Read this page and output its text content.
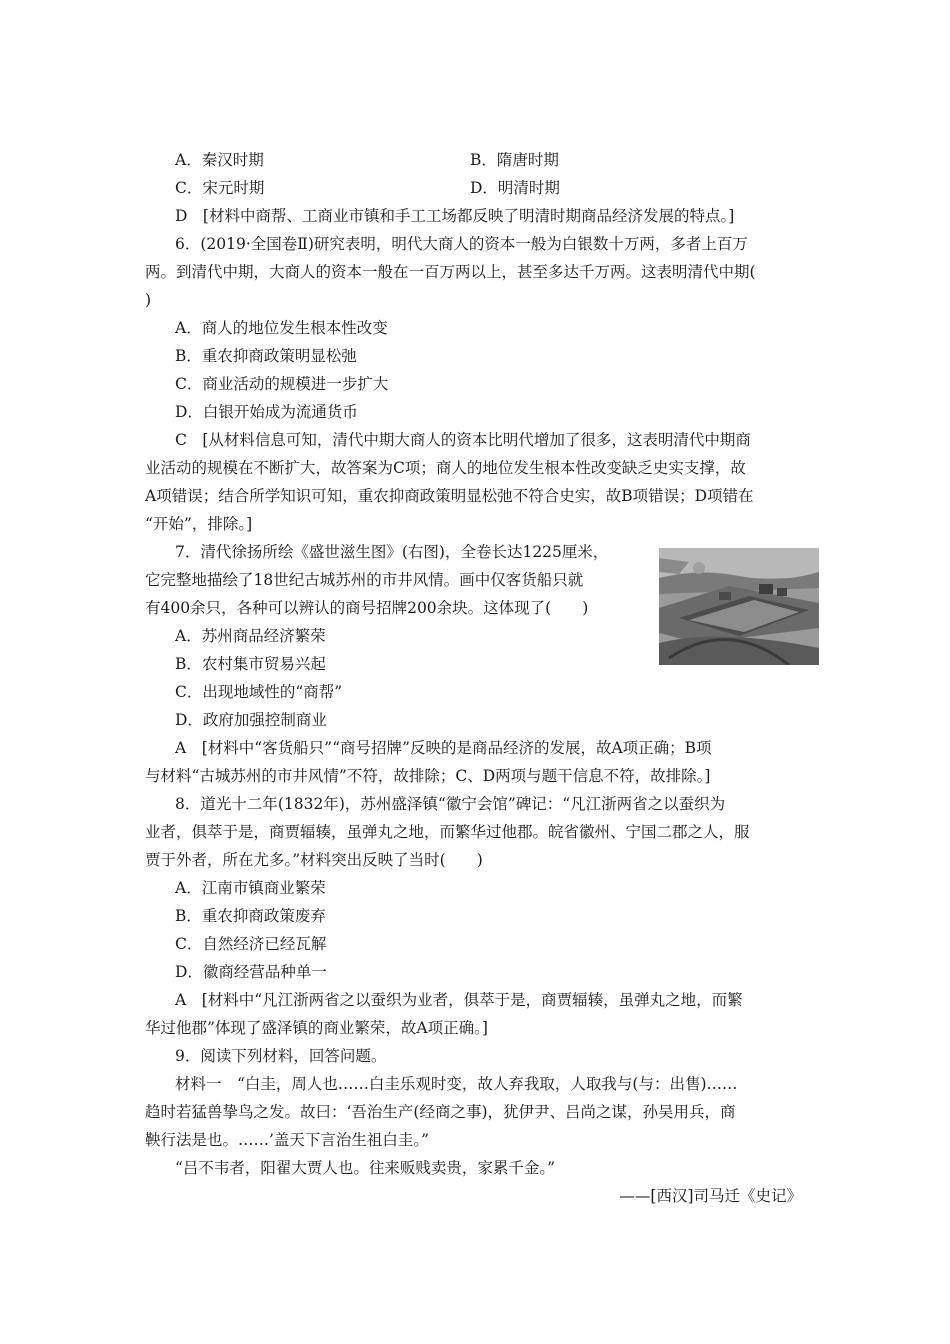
A．秦汉时期	B．隋唐时期
C．宋元时期	D．明清时期
D　[材料中商帮、工商业市镇和手工工场都反映了明清时期商品经济发展的特点。]
6．(2019·全国卷Ⅱ)研究表明，明代大商人的资本一般为白银数十万两，多者上百万
两。到清代中期，大商人的资本一般在一百万两以上，甚至多达千万两。这表明清代中期(
)
A．商人的地位发生根本性改变
B．重农抑商政策明显松弛
C．商业活动的规模进一步扩大
D．白银开始成为流通货币
C　[从材料信息可知，清代中期大商人的资本比明代增加了很多，这表明清代中期商
业活动的规模在不断扩大，故答案为C项；商人的地位发生根本性改变缺乏史实支撑，故
A项错误；结合所学知识可知，重农抑商政策明显松弛不符合史实，故B项错误；D项错在
“开始”，排除。]
7．清代徐扬所绘《盛世滋生图》(右图)，全卷长达1225厘米，
它完整地描绘了18世纪古城苏州的市井风情。画中仅客货船只就
有400余只，各种可以辨认的商号招牌200余块。这体现了(　　)
A．苏州商品经济繁荣
B．农村集市贸易兴起
C．出现地域性的“商帮”
D．政府加强控制商业
A　[材料中“客货船只”“商号招牌”反映的是商品经济的发展，故A项正确；B项
与材料“古城苏州的市井风情”不符，故排除；C、D两项与题干信息不符，故排除。]
8．道光十二年(1832年)，苏州盛泽镇“徽宁会馆”碑记：“凡江浙两省之以蚕织为
业者，俱萃于是，商贾辐辏，虽弹丸之地，而繁华过他郡。皖省徽州、宁国二郡之人，服
贾于外者，所在尤多。”材料突出反映了当时(　　)
A．江南市镇商业繁荣
B．重农抑商政策废弃
C．自然经济已经瓦解
D．徽商经营品种单一
A　[材料中“凡江浙两省之以蚕织为业者，俱萃于是，商贾辐辏，虽弹丸之地，而繁
华过他郡”体现了盛泽镇的商业繁荣，故A项正确。]
9．阅读下列材料，回答问题。
材料一　“白圭，周人也……白圭乐观时变，故人弃我取，人取我与(与：出售)……
趋时若猛兽挚鸟之发。故曰：‘吾治生产(经商之事)，犹伊尹、吕尚之谋，孙吴用兵，商
鞅行法是也。……’盖天下言治生祖白圭。”
“吕不韦者，阳翟大贾人也。往来贩贱卖贵，家累千金。”
——[西汉]司马迁《史记》
